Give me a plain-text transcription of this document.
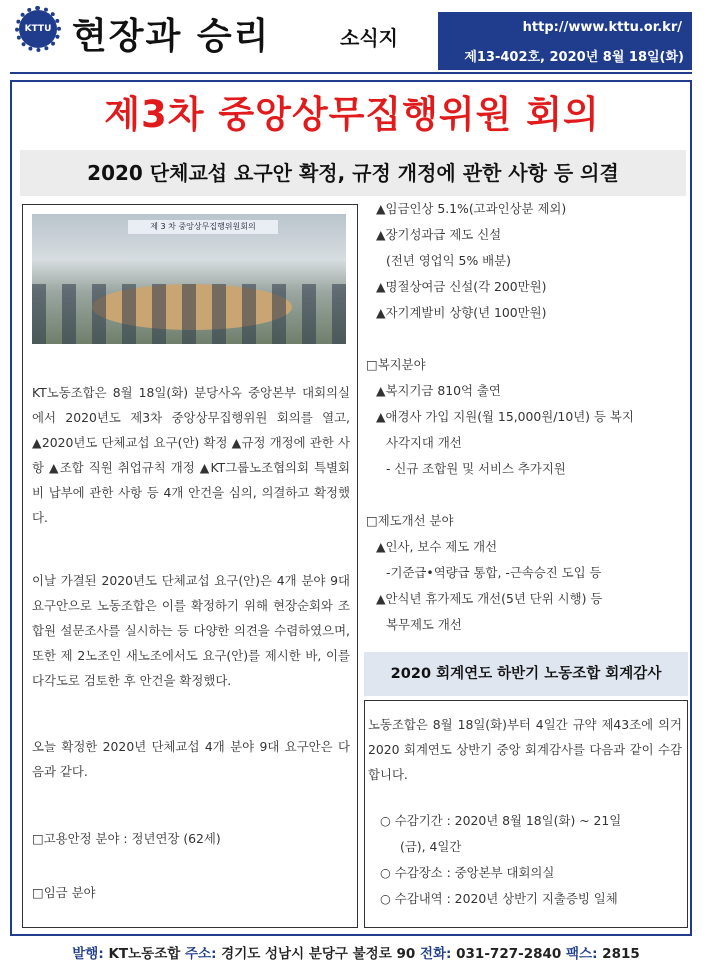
KTTU 현장과 승리	소식지	http://www.kttu.or.kr/
제13-402호, 2020년 8월 18일(화)
제3차 중앙상무집행위원 회의
2020 단체교섭 요구안 확정, 규정 개정에 관한 사항 등 의결
제 3 차 중앙상무집행위원회의
KT노동조합은 8월 18일(화) 분당사옥 중앙본부 대회의실에서 2020년도 제3차 중앙상무집행위원 회의를 열고, ▲2020년도 단체교섭 요구(안) 확정 ▲규정 개정에 관한 사항 ▲조합 직원 취업규칙 개정 ▲KT그룹노조협의회 특별회비 납부에 관한 사항 등 4개 안건을 심의, 의결하고 확정했다.
이날 가결된 2020년도 단체교섭 요구(안)은 4개 분야 9대 요구안으로 노동조합은 이를 확정하기 위해 현장순회와 조합원 설문조사를 실시하는 등 다양한 의견을 수렴하였으며, 또한 제 2노조인 새노조에서도 요구(안)를 제시한 바, 이를 다각도로 검토한 후 안건을 확정했다.
오늘 확정한 2020년 단체교섭 4개 분야 9대 요구안은 다음과 같다.
□고용안정 분야 : 정년연장 (62세)
□임금 분야
▲임금인상 5.1%(고과인상분 제외)
▲장기성과급 제도 신설
(전년 영업익 5% 배분)
▲명절상여금 신설(각 200만원)
▲자기계발비 상향(년 100만원)
□복지분야
▲복지기금 810억 출연
▲애경사 가입 지원(월 15,000원/10년) 등 복지
사각지대 개선
- 신규 조합원 및 서비스 추가지원
□제도개선 분야
▲인사, 보수 제도 개선
-기준급•역량급 통합, -근속승진 도입 등
▲안식년 휴가제도 개선(5년 단위 시행) 등
복무제도 개선
2020 회계연도 하반기 노동조합 회계감사
노동조합은 8월 18일(화)부터 4일간 규약 제43조에 의거 2020 회계연도 상반기 중앙 회계감사를 다음과 같이 수감합니다.
○ 수감기간 : 2020년 8월 18일(화) ~ 21일
(금), 4일간
○ 수감장소 : 중앙본부 대회의실
○ 수감내역 : 2020년 상반기 지출증빙 일체
발행: KT노동조합 주소: 경기도 성남시 분당구 불정로 90 전화: 031-727-2840 팩스: 2815
